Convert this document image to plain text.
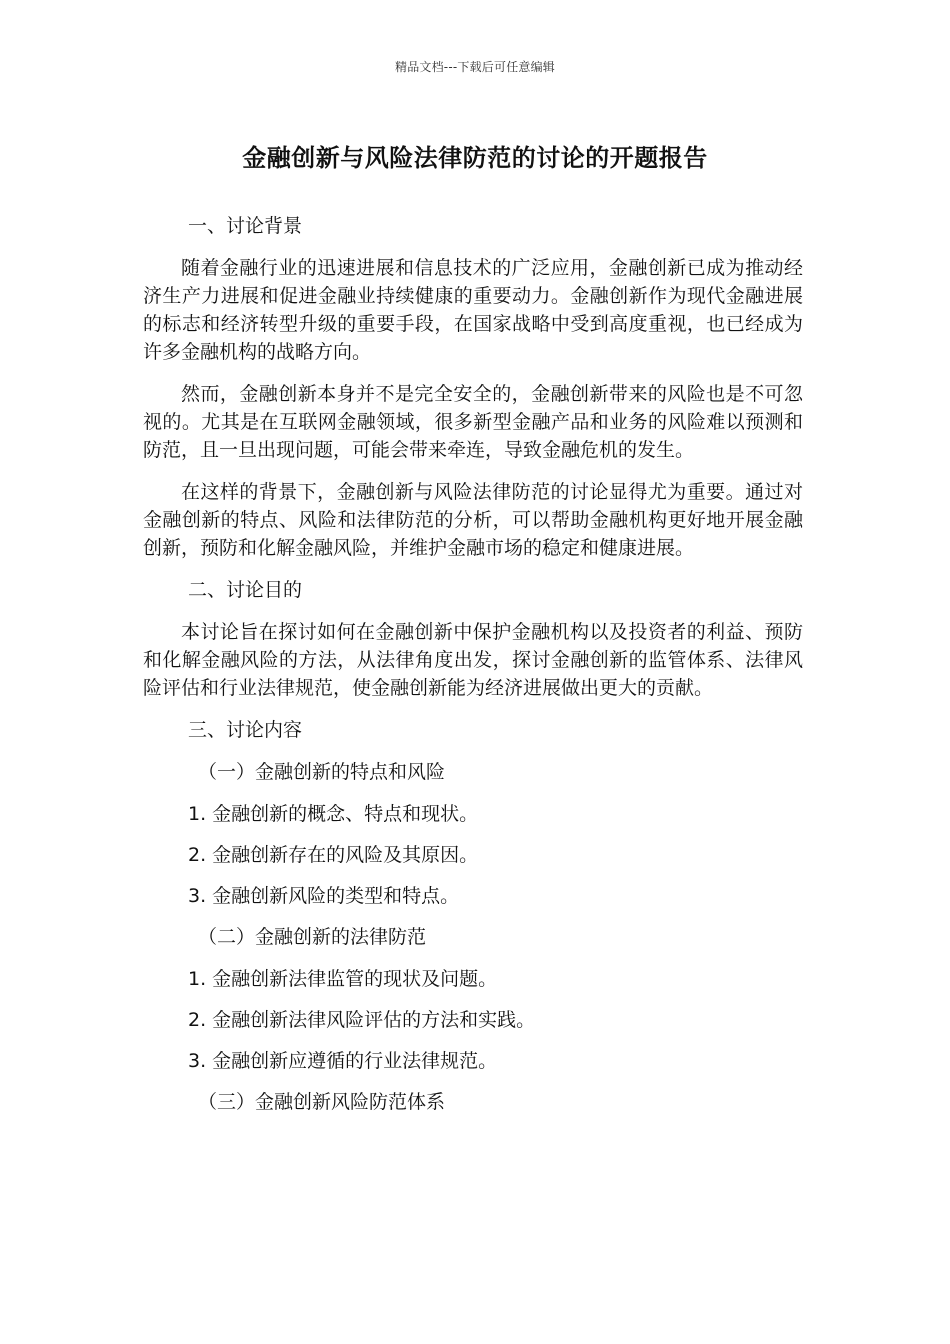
精品文档---下载后可任意编辑
金融创新与风险法律防范的讨论的开题报告
一、讨论背景
随着金融行业的迅速进展和信息技术的广泛应用，金融创新已成为推动经济生产力进展和促进金融业持续健康的重要动力。金融创新作为现代金融进展的标志和经济转型升级的重要手段，在国家战略中受到高度重视，也已经成为许多金融机构的战略方向。
然而，金融创新本身并不是完全安全的，金融创新带来的风险也是不可忽视的。尤其是在互联网金融领域，很多新型金融产品和业务的风险难以预测和防范，且一旦出现问题，可能会带来牵连，导致金融危机的发生。
在这样的背景下，金融创新与风险法律防范的讨论显得尤为重要。通过对金融创新的特点、风险和法律防范的分析，可以帮助金融机构更好地开展金融创新，预防和化解金融风险，并维护金融市场的稳定和健康进展。
二、讨论目的
本讨论旨在探讨如何在金融创新中保护金融机构以及投资者的利益、预防和化解金融风险的方法，从法律角度出发，探讨金融创新的监管体系、法律风险评估和行业法律规范，使金融创新能为经济进展做出更大的贡献。
三、讨论内容
（一）金融创新的特点和风险
1. 金融创新的概念、特点和现状。
2. 金融创新存在的风险及其原因。
3. 金融创新风险的类型和特点。
（二）金融创新的法律防范
1. 金融创新法律监管的现状及问题。
2. 金融创新法律风险评估的方法和实践。
3. 金融创新应遵循的行业法律规范。
（三）金融创新风险防范体系
